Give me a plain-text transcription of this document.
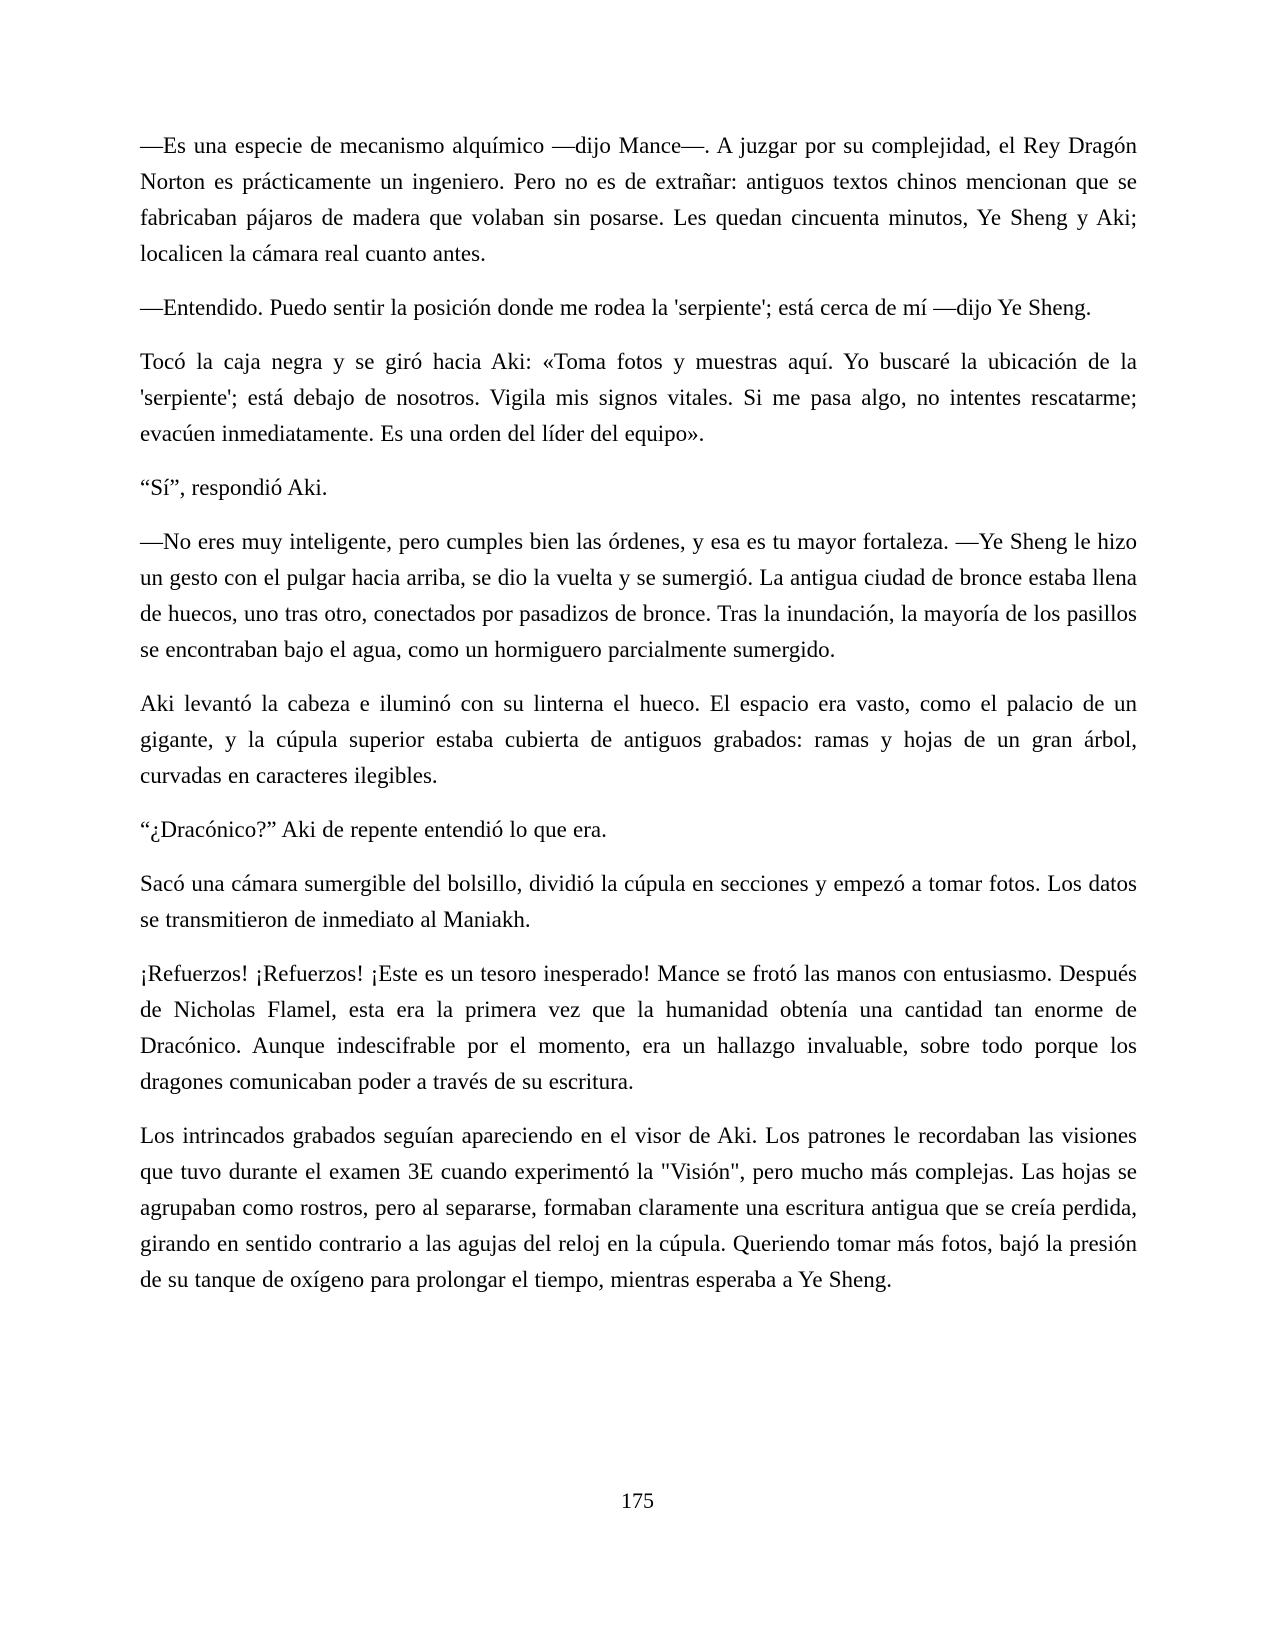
—Es una especie de mecanismo alquímico —dijo Mance—. A juzgar por su complejidad, el Rey Dragón Norton es prácticamente un ingeniero. Pero no es de extrañar: antiguos textos chinos mencionan que se fabricaban pájaros de madera que volaban sin posarse. Les quedan cincuenta minutos, Ye Sheng y Aki; localicen la cámara real cuanto antes.

—Entendido. Puedo sentir la posición donde me rodea la 'serpiente'; está cerca de mí —dijo Ye Sheng.

Tocó la caja negra y se giró hacia Aki: «Toma fotos y muestras aquí. Yo buscaré la ubicación de la 'serpiente'; está debajo de nosotros. Vigila mis signos vitales. Si me pasa algo, no intentes rescatarme; evacúen inmediatamente. Es una orden del líder del equipo».

“Sí”, respondió Aki.

—No eres muy inteligente, pero cumples bien las órdenes, y esa es tu mayor fortaleza. —Ye Sheng le hizo un gesto con el pulgar hacia arriba, se dio la vuelta y se sumergió. La antigua ciudad de bronce estaba llena de huecos, uno tras otro, conectados por pasadizos de bronce. Tras la inundación, la mayoría de los pasillos se encontraban bajo el agua, como un hormiguero parcialmente sumergido.

Aki levantó la cabeza e iluminó con su linterna el hueco. El espacio era vasto, como el palacio de un gigante, y la cúpula superior estaba cubierta de antiguos grabados: ramas y hojas de un gran árbol, curvadas en caracteres ilegibles.

“¿Dracónico?” Aki de repente entendió lo que era.

Sacó una cámara sumergible del bolsillo, dividió la cúpula en secciones y empezó a tomar fotos. Los datos se transmitieron de inmediato al Maniakh.

¡Refuerzos! ¡Refuerzos! ¡Este es un tesoro inesperado! Mance se frotó las manos con entusiasmo. Después de Nicholas Flamel, esta era la primera vez que la humanidad obtenía una cantidad tan enorme de Dracónico. Aunque indescifrable por el momento, era un hallazgo invaluable, sobre todo porque los dragones comunicaban poder a través de su escritura.

Los intrincados grabados seguían apareciendo en el visor de Aki. Los patrones le recordaban las visiones que tuvo durante el examen 3E cuando experimentó la "Visión", pero mucho más complejas. Las hojas se agrupaban como rostros, pero al separarse, formaban claramente una escritura antigua que se creía perdida, girando en sentido contrario a las agujas del reloj en la cúpula. Queriendo tomar más fotos, bajó la presión de su tanque de oxígeno para prolongar el tiempo, mientras esperaba a Ye Sheng.

175
